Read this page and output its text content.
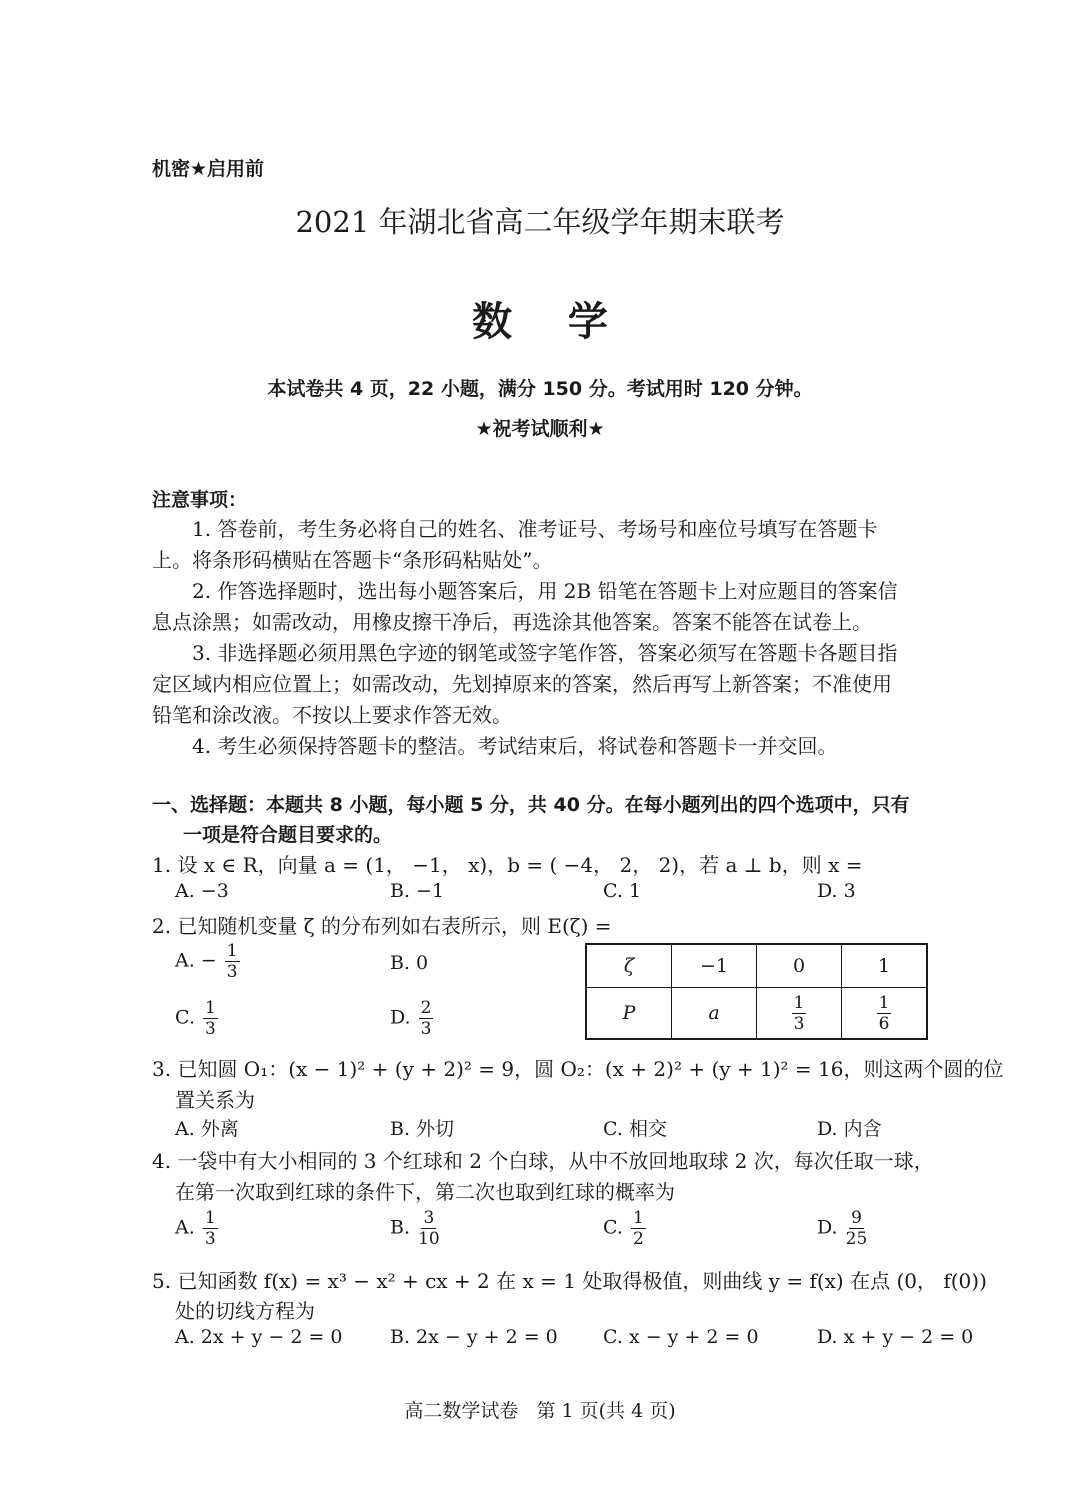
机密★启用前
2021 年湖北省高二年级学年期末联考
数    学
本试卷共 4 页，22 小题，满分 150 分。考试用时 120 分钟。
★祝考试顺利★
注意事项：
1. 答卷前，考生务必将自己的姓名、准考证号、考场号和座位号填写在答题卡
上。将条形码横贴在答题卡“条形码粘贴处”。
2. 作答选择题时，选出每小题答案后，用 2B 铅笔在答题卡上对应题目的答案信
息点涂黑；如需改动，用橡皮擦干净后，再选涂其他答案。答案不能答在试卷上。
3. 非选择题必须用黑色字迹的钢笔或签字笔作答，答案必须写在答题卡各题目指
定区域内相应位置上；如需改动，先划掉原来的答案，然后再写上新答案；不准使用
铅笔和涂改液。不按以上要求作答无效。
4. 考生必须保持答题卡的整洁。考试结束后，将试卷和答题卡一并交回。
一、选择题：本题共 8 小题，每小题 5 分，共 40 分。在每小题列出的四个选项中，只有
一项是符合题目要求的。
1. 设 x ∈ R，向量 a = (1， −1， x)，b = ( −4， 2， 2)，若 a ⊥ b，则 x =
A. −3	B. −1	C. 1	D. 3
2. 已知随机变量 ζ 的分布列如右表所示，则 E(ζ) =
A. − $\frac{1}{3}$	B. 0
C. $\frac{1}{3}$	D. $\frac{2}{3}$
ζ	−1	0	1
P	a	$\frac{1}{3}$	$\frac{1}{6}$
3. 已知圆 O₁：(x − 1)² + (y + 2)² = 9，圆 O₂：(x + 2)² + (y + 1)² = 16，则这两个圆的位
置关系为
A. 外离	B. 外切	C. 相交	D. 内含
4. 一袋中有大小相同的 3 个红球和 2 个白球，从中不放回地取球 2 次，每次任取一球，
在第一次取到红球的条件下，第二次也取到红球的概率为
A. $\frac{1}{3}$	B. $\frac{3}{10}$	C. $\frac{1}{2}$	D. $\frac{9}{25}$
5. 已知函数 f(x) = x³ − x² + cx + 2 在 x = 1 处取得极值，则曲线 y = f(x) 在点 (0， f(0))
处的切线方程为
A. 2x + y − 2 = 0 B. 2x − y + 2 = 0 C. x − y + 2 = 0	D. x + y − 2 = 0
高二数学试卷   第 1 页(共 4 页)
